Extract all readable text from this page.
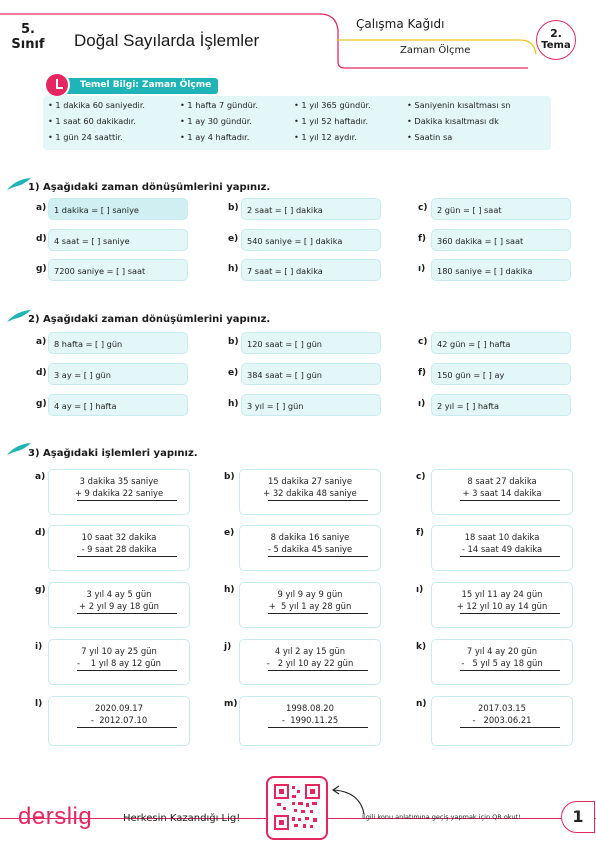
5.
Sınıf Doğal Sayılarda İşlemler
Çalışma Kağıdı
Zaman Ölçme
2.
Tema
Temel Bilgi: Zaman Ölçme
• 1 dakika 60 saniyedir.	• 1 hafta 7 gündür.	• 1 yıl 365 gündür.	• Saniyenin kısaltması sn
• 1 saat 60 dakikadır.	• 1 ay 30 gündür.	• 1 yıl 52 haftadır.	• Dakika kısaltması dk
• 1 gün 24 saattir.	• 1 ay 4 haftadır.	• 1 yıl 12 aydır.	• Saatin sa
1) Aşağıdaki zaman dönüşümlerini yapınız.
a) 1 dakika = [ ] saniye	b)	2 saat = [ ] dakika	c)	2 gün = [ ] saat
d) 4 saat = [ ] saniye	e)	540 saniye = [ ] dakika	f)	360 dakika = [ ] saat
g) 7200 saniye = [ ] saat	h)	7 saat = [ ] dakika	ı)	180 saniye = [ ] dakika
2) Aşağıdaki zaman dönüşümlerini yapınız.
a) 8 hafta = [ ] gün	b)	120 saat = [ ] gün	c)	42 gün = [ ] hafta
d) 3 ay = [ ] gün	e)	384 saat = [ ] gün	f)	150 gün = [ ] ay
g) 4 ay = [ ] hafta	h)	3 yıl = [ ] gün	ı)	2 yıl = [ ] hafta
3) Aşağıdaki işlemleri yapınız.
a)	3 dakika 35 saniye
+ 9 dakika 22 saniye
b)	15 dakika 27 saniye
+ 32 dakika 48 saniye
c)	8 saat 27 dakika
+ 3 saat 14 dakika
d)	10 saat 32 dakika
- 9 saat 28 dakika
e)	8 dakika 16 saniye
- 5 dakika 45 saniye
f)	18 saat 10 dakika
- 14 saat 49 dakika
g)	3 yıl 4 ay 5 gün
+ 2 yıl 9 ay 18 gün
h)	9 yıl 9 ay 9 gün
+  5 yıl 1 ay 28 gün
ı)	15 yıl 11 ay 24 gün
+ 12 yıl 10 ay 14 gün
i)	7 yıl 10 ay 25 gün
-    1 yıl 8 ay 12 gün
j)	4 yıl 2 ay 15 gün
-   2 yıl 10 ay 22 gün
k)	7 yıl 4 ay 20 gün
-   5 yıl 5 ay 18 gün
l)	2020.09.17
-  2012.07.10
m)	1998.08.20
-  1990.11.25
n)	2017.03.15
-   2003.06.21
derslig	Herkesin Kazandığı Lig!	İlgili konu anlatımına geçiş yapmak için QR okut!	1
